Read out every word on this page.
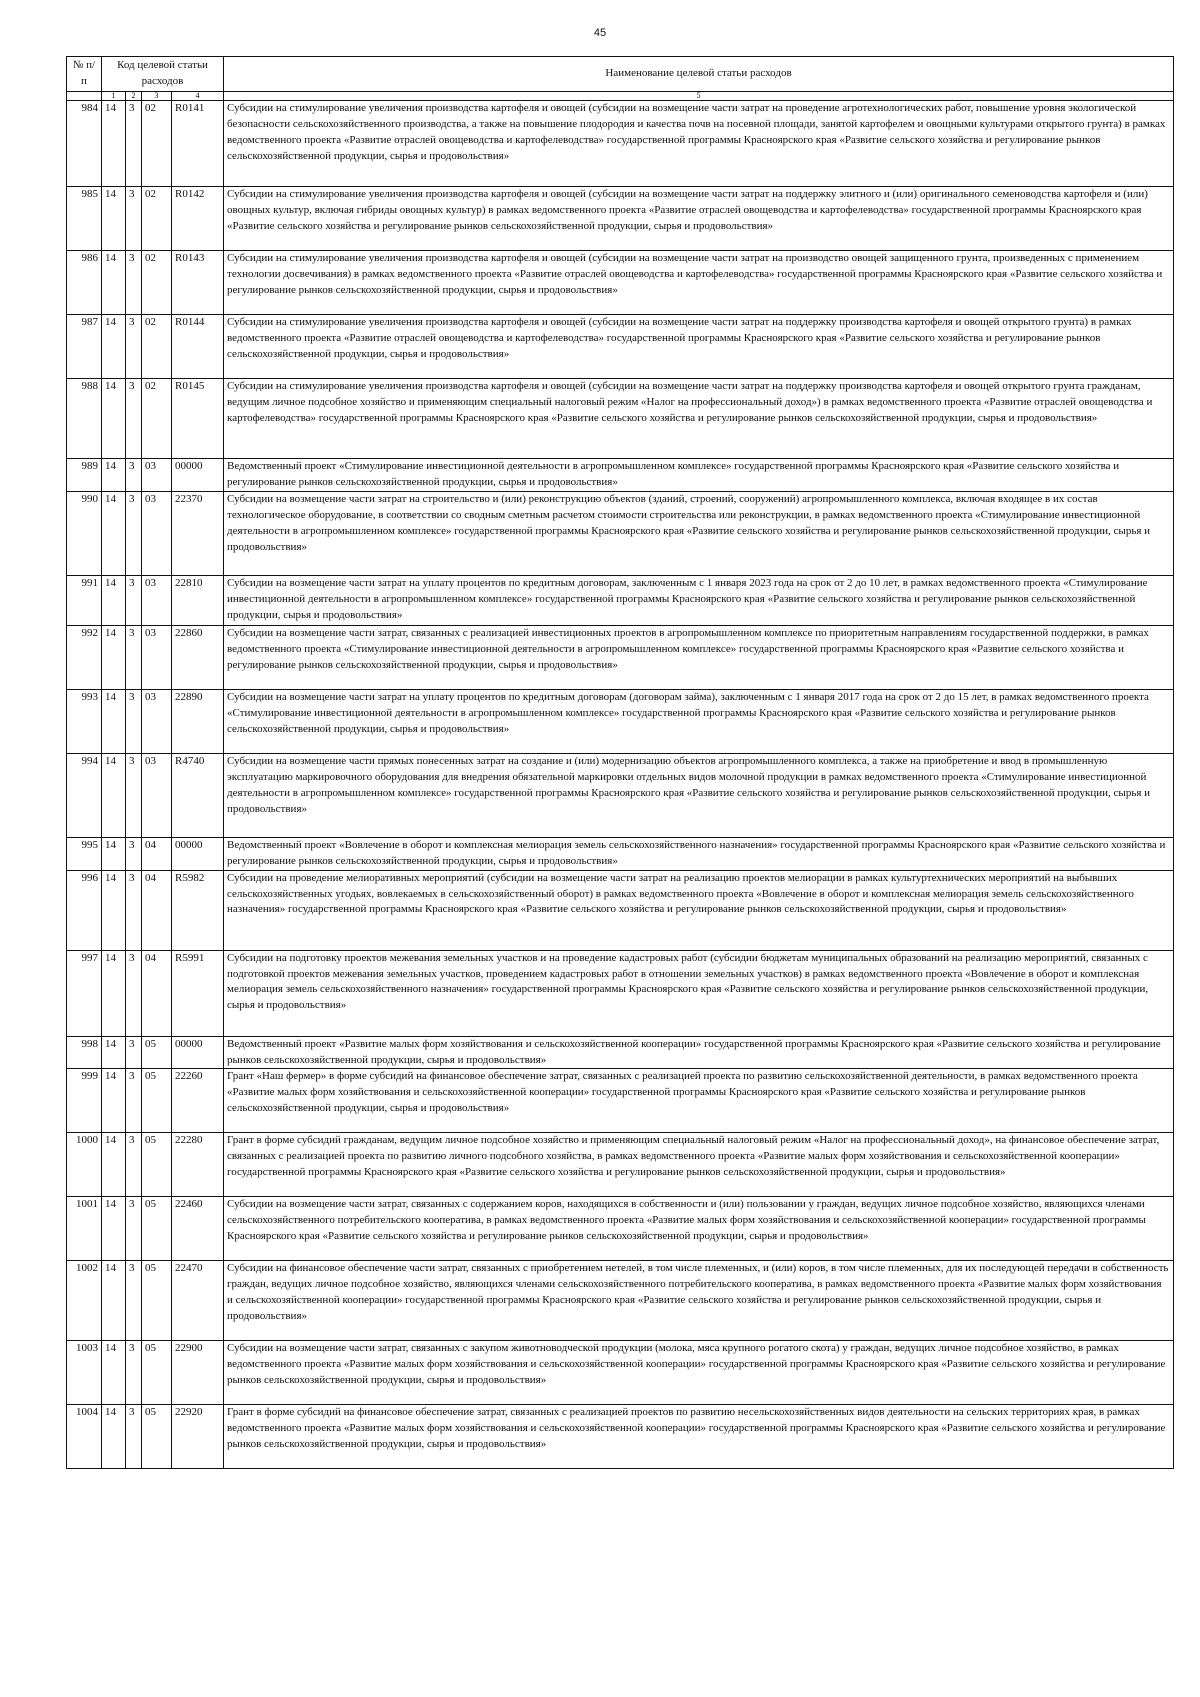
45
№ п/п	Код целевой статьи расходов				Наименование целевой статьи расходов
	1	2	3	4	5
984	14	3	02	R0141	Субсидии на стимулирование увеличения производства картофеля и овощей (субсидии на возмещение части затрат на проведение агротехнологических работ, повышение уровня экологической безопасности сельскохозяйственного производства, а также на повышение плодородия и качества почв на посевной площади, занятой картофелем и овощными культурами открытого грунта) в рамках ведомственного проекта «Развитие отраслей овощеводства и картофелеводства» государственной программы Красноярского края «Развитие сельского хозяйства и регулирование рынков сельскохозяйственной продукции, сырья и продовольствия»
985	14	3	02	R0142	Субсидии на стимулирование увеличения производства картофеля и овощей (субсидии на возмещение части затрат на поддержку элитного и (или) оригинального семеноводства картофеля и (или) овощных культур, включая гибриды овощных культур) в рамках ведомственного проекта «Развитие отраслей овощеводства и картофелеводства» государственной программы Красноярского края «Развитие сельского хозяйства и регулирование рынков сельскохозяйственной продукции, сырья и продовольствия»
986	14	3	02	R0143	Субсидии на стимулирование увеличения производства картофеля и овощей (субсидии на возмещение части затрат на производство овощей защищенного грунта, произведенных с применением технологии досвечивания) в рамках ведомственного проекта «Развитие отраслей овощеводства и картофелеводства» государственной программы Красноярского края «Развитие сельского хозяйства и регулирование рынков сельскохозяйственной продукции, сырья и продовольствия»
987	14	3	02	R0144	Субсидии на стимулирование увеличения производства картофеля и овощей (субсидии на возмещение части затрат на поддержку производства картофеля и овощей открытого грунта) в рамках ведомственного проекта «Развитие отраслей овощеводства и картофелеводства» государственной программы Красноярского края «Развитие сельского хозяйства и регулирование рынков сельскохозяйственной продукции, сырья и продовольствия»
988	14	3	02	R0145	Субсидии на стимулирование увеличения производства картофеля и овощей (субсидии на возмещение части затрат на поддержку производства картофеля и овощей открытого грунта гражданам, ведущим личное подсобное хозяйство и применяющим специальный налоговый режим «Налог на профессиональный доход») в рамках ведомственного проекта «Развитие отраслей овощеводства и картофелеводства» государственной программы Красноярского края «Развитие сельского хозяйства и регулирование рынков сельскохозяйственной продукции, сырья и продовольствия»
989	14	3	03	00000	Ведомственный проект «Стимулирование инвестиционной деятельности в агропромышленном комплексе» государственной программы Красноярского края «Развитие сельского хозяйства и регулирование рынков сельскохозяйственной продукции, сырья и продовольствия»
990	14	3	03	22370	Субсидии на возмещение части затрат на строительство и (или) реконструкцию объектов (зданий, строений, сооружений) агропромышленного комплекса, включая входящее в их состав технологическое оборудование, в соответствии со сводным сметным расчетом стоимости строительства или реконструкции, в рамках ведомственного проекта «Стимулирование инвестиционной деятельности в агропромышленном комплексе» государственной программы Красноярского края «Развитие сельского хозяйства и регулирование рынков сельскохозяйственной продукции, сырья и продовольствия»
991	14	3	03	22810	Субсидии на возмещение части затрат на уплату процентов по кредитным договорам, заключенным с 1 января 2023 года на срок от 2 до 10 лет, в рамках ведомственного проекта «Стимулирование инвестиционной деятельности в агропромышленном комплексе» государственной программы Красноярского края «Развитие сельского хозяйства и регулирование рынков сельскохозяйственной продукции, сырья и продовольствия»
992	14	3	03	22860	Субсидии на возмещение части затрат, связанных с реализацией инвестиционных проектов в агропромышленном комплексе по приоритетным направлениям государственной поддержки, в рамках ведомственного проекта «Стимулирование инвестиционной деятельности в агропромышленном комплексе» государственной программы Красноярского края «Развитие сельского хозяйства и регулирование рынков сельскохозяйственной продукции, сырья и продовольствия»
993	14	3	03	22890	Субсидии на возмещение части затрат на уплату процентов по кредитным договорам (договорам займа), заключенным с 1 января 2017 года на срок от 2 до 15 лет, в рамках ведомственного проекта «Стимулирование инвестиционной деятельности в агропромышленном комплексе» государственной программы Красноярского края «Развитие сельского хозяйства и регулирование рынков сельскохозяйственной продукции, сырья и продовольствия»
994	14	3	03	R4740	Субсидии на возмещение части прямых понесенных затрат на создание и (или) модернизацию объектов агропромышленного комплекса, а также на приобретение и ввод в промышленную эксплуатацию маркировочного оборудования для внедрения обязательной маркировки отдельных видов молочной продукции в рамках ведомственного проекта «Стимулирование инвестиционной деятельности в агропромышленном комплексе» государственной программы Красноярского края «Развитие сельского хозяйства и регулирование рынков сельскохозяйственной продукции, сырья и продовольствия»
995	14	3	04	00000	Ведомственный проект «Вовлечение в оборот и комплексная мелиорация земель сельскохозяйственного назначения» государственной программы Красноярского края «Развитие сельского хозяйства и регулирование рынков сельскохозяйственной продукции, сырья и продовольствия»
996	14	3	04	R5982	Субсидии на проведение мелиоративных мероприятий (субсидии на возмещение части затрат на реализацию проектов мелиорации в рамках культуртехнических мероприятий на выбывших сельскохозяйственных угодьях, вовлекаемых в сельскохозяйственный оборот) в рамках ведомственного проекта «Вовлечение в оборот и комплексная мелиорация земель сельскохозяйственного назначения» государственной программы Красноярского края «Развитие сельского хозяйства и регулирование рынков сельскохозяйственной продукции, сырья и продовольствия»
997	14	3	04	R5991	Субсидии на подготовку проектов межевания земельных участков и на проведение кадастровых работ (субсидии бюджетам муниципальных образований на реализацию мероприятий, связанных с подготовкой проектов межевания земельных участков, проведением кадастровых работ в отношении земельных участков) в рамках ведомственного проекта «Вовлечение в оборот и комплексная мелиорация земель сельскохозяйственного назначения» государственной программы Красноярского края «Развитие сельского хозяйства и регулирование рынков сельскохозяйственной продукции, сырья и продовольствия»
998	14	3	05	00000	Ведомственный проект «Развитие малых форм хозяйствования и сельскохозяйственной кооперации» государственной программы Красноярского края «Развитие сельского хозяйства и регулирование рынков сельскохозяйственной продукции, сырья и продовольствия»
999	14	3	05	22260	Грант «Наш фермер» в форме субсидий на финансовое обеспечение затрат, связанных с реализацией проекта по развитию сельскохозяйственной деятельности, в рамках ведомственного проекта «Развитие малых форм хозяйствования и сельскохозяйственной кооперации» государственной программы Красноярского края «Развитие сельского хозяйства и регулирование рынков сельскохозяйственной продукции, сырья и продовольствия»
1000	14	3	05	22280	Грант в форме субсидий гражданам, ведущим личное подсобное хозяйство и применяющим специальный налоговый режим «Налог на профессиональный доход», на финансовое обеспечение затрат, связанных с реализацией проекта по развитию личного подсобного хозяйства, в рамках ведомственного проекта «Развитие малых форм хозяйствования и сельскохозяйственной кооперации» государственной программы Красноярского края «Развитие сельского хозяйства и регулирование рынков сельскохозяйственной продукции, сырья и продовольствия»
1001	14	3	05	22460	Субсидии на возмещение части затрат, связанных с содержанием коров, находящихся в собственности и (или) пользовании у граждан, ведущих личное подсобное хозяйство, являющихся членами сельскохозяйственного потребительского кооператива, в рамках ведомственного проекта «Развитие малых форм хозяйствования и сельскохозяйственной кооперации» государственной программы Красноярского края «Развитие сельского хозяйства и регулирование рынков сельскохозяйственной продукции, сырья и продовольствия»
1002	14	3	05	22470	Субсидии на финансовое обеспечение части затрат, связанных с приобретением нетелей, в том числе племенных, и (или) коров, в том числе племенных, для их последующей передачи в собственность граждан, ведущих личное подсобное хозяйство, являющихся членами сельскохозяйственного потребительского кооператива, в рамках ведомственного проекта «Развитие малых форм хозяйствования и сельскохозяйственной кооперации» государственной программы Красноярского края «Развитие сельского хозяйства и регулирование рынков сельскохозяйственной продукции, сырья и продовольствия»
1003	14	3	05	22900	Субсидии на возмещение части затрат, связанных с закупом животноводческой продукции (молока, мяса крупного рогатого скота) у граждан, ведущих личное подсобное хозяйство, в рамках ведомственного проекта «Развитие малых форм хозяйствования и сельскохозяйственной кооперации» государственной программы Красноярского края «Развитие сельского хозяйства и регулирование рынков сельскохозяйственной продукции, сырья и продовольствия»
1004	14	3	05	22920	Грант в форме субсидий на финансовое обеспечение затрат, связанных с реализацией проектов по развитию несельскохозяйственных видов деятельности на сельских территориях края, в рамках ведомственного проекта «Развитие малых форм хозяйствования и сельскохозяйственной кооперации» государственной программы Красноярского края «Развитие сельского хозяйства и регулирование рынков сельскохозяйственной продукции, сырья и продовольствия»
